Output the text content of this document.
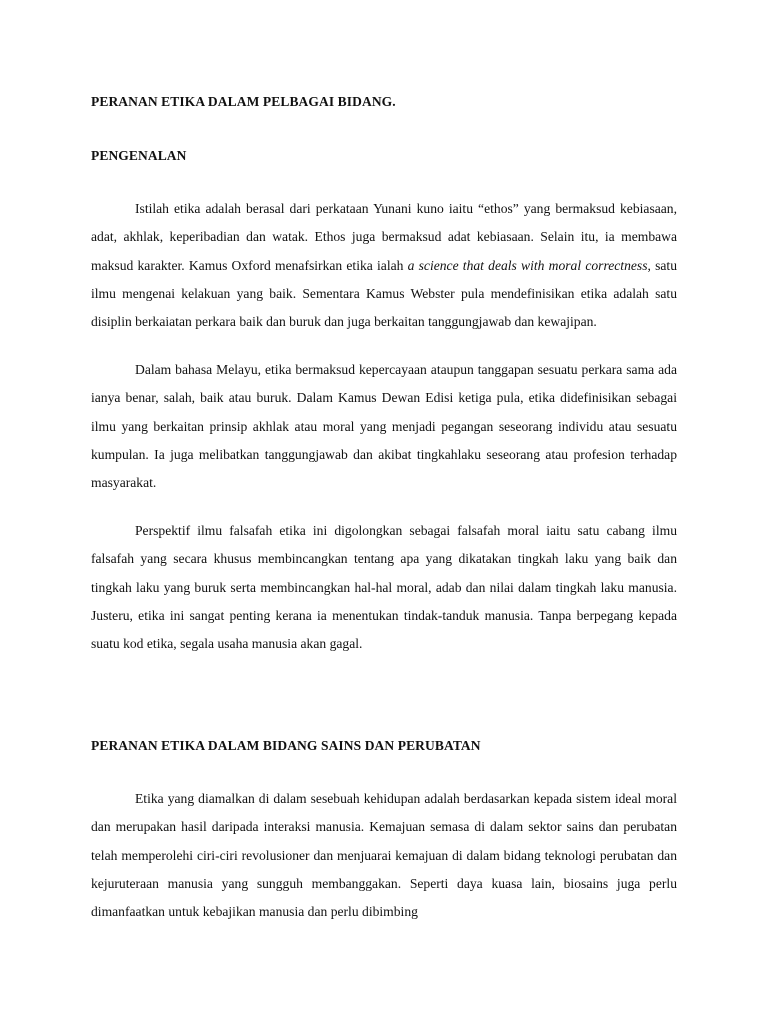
PERANAN ETIKA DALAM PELBAGAI BIDANG.
PENGENALAN

Istilah etika adalah berasal dari perkataan Yunani kuno iaitu “ethos” yang bermaksud kebiasaan, adat, akhlak, keperibadian dan watak. Ethos juga bermaksud adat kebiasaan. Selain itu, ia membawa maksud karakter. Kamus Oxford menafsirkan etika ialah a science that deals with moral correctness, satu ilmu mengenai kelakuan yang baik. Sementara Kamus Webster pula mendefinisikan etika adalah satu disiplin berkaiatan perkara baik dan buruk dan juga berkaitan tanggungjawab dan kewajipan.

Dalam bahasa Melayu, etika bermaksud kepercayaan ataupun tanggapan sesuatu perkara sama ada ianya benar, salah, baik atau buruk. Dalam Kamus Dewan Edisi ketiga pula, etika didefinisikan sebagai ilmu yang berkaitan prinsip akhlak atau moral yang menjadi pegangan seseorang individu atau sesuatu kumpulan. Ia juga melibatkan tanggungjawab dan akibat tingkahlaku seseorang atau profesion terhadap masyarakat.

Perspektif ilmu falsafah etika ini digolongkan sebagai falsafah moral iaitu satu cabang ilmu falsafah yang secara khusus membincangkan tentang apa yang dikatakan tingkah laku yang baik dan tingkah laku yang buruk serta membincangkan hal-hal moral, adab dan nilai dalam tingkah laku manusia. Justeru, etika ini sangat penting kerana ia menentukan tindak-tanduk manusia. Tanpa berpegang kepada suatu kod etika, segala usaha manusia akan gagal.

PERANAN ETIKA DALAM BIDANG SAINS DAN PERUBATAN

Etika yang diamalkan di dalam sesebuah kehidupan adalah berdasarkan kepada sistem ideal moral dan merupakan hasil daripada interaksi manusia. Kemajuan semasa di dalam sektor sains dan perubatan telah memperolehi ciri-ciri revolusioner dan menjuarai kemajuan di dalam bidang teknologi perubatan dan kejuruteraan manusia yang sungguh membanggakan. Seperti daya kuasa lain, biosains juga perlu dimanfaatkan untuk kebajikan manusia dan perlu dibimbing
